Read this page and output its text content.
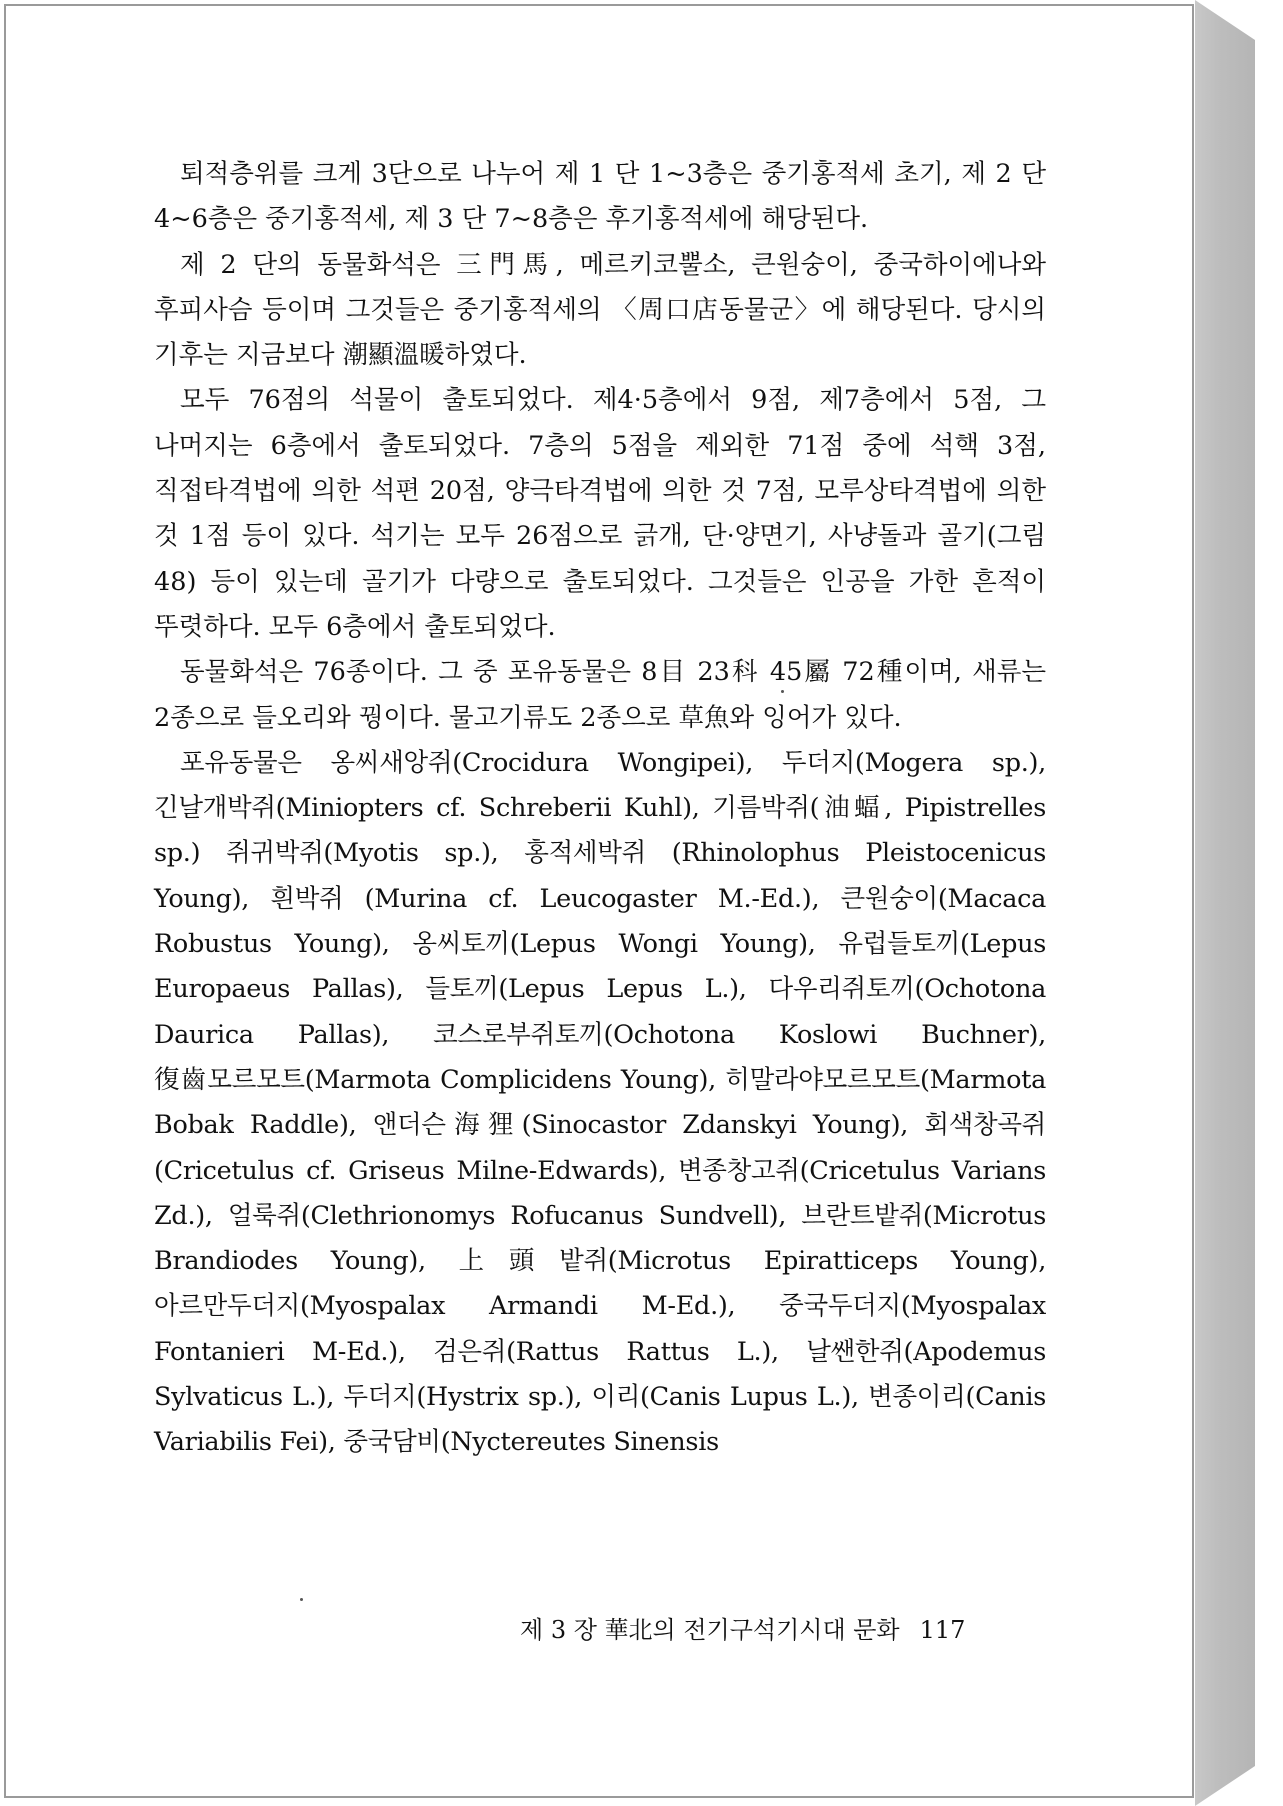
퇴적층위를 크게 3단으로 나누어 제 1 단 1~3층은 중기홍적세 초기, 제 2 단 4~6층은 중기홍적세, 제 3 단 7~8층은 후기홍적세에 해당된다.

제 2 단의 동물화석은 三門馬, 메르키코뿔소, 큰원숭이, 중국하이에나와 후피사슴 등이며 그것들은 중기홍적세의 〈周口店동물군〉에 해당된다. 당시의 기후는 지금보다 潮顯溫暖하였다.

모두 76점의 석물이 출토되었다. 제4·5층에서 9점, 제7층에서 5점, 그 나머지는 6층에서 출토되었다. 7층의 5점을 제외한 71점 중에 석핵 3점, 직접타격법에 의한 석편 20점, 양극타격법에 의한 것 7점, 모루상타격법에 의한 것 1점 등이 있다. 석기는 모두 26점으로 긁개, 단·양면기, 사냥돌과 골기(그림 48) 등이 있는데 골기가 다량으로 출토되었다. 그것들은 인공을 가한 흔적이 뚜렷하다. 모두 6층에서 출토되었다.

동물화석은 76종이다. 그 중 포유동물은 8目 23科 45屬 72種이며, 새류는 2종으로 들오리와 꿩이다. 물고기류도 2종으로 草魚와 잉어가 있다.

포유동물은 옹씨새앙쥐(Crocidura Wongipei), 두더지(Mogera sp.), 긴날개박쥐(Miniopters cf. Schreberii Kuhl), 기름박쥐(油蝠, Pipistrelles sp.) 쥐귀박쥐(Myotis sp.), 홍적세박쥐 (Rhinolophus Pleistocenicus Young), 흰박쥐 (Murina cf. Leucogaster M.-Ed.), 큰원숭이(Macaca Robustus Young), 옹씨토끼(Lepus Wongi Young), 유럽들토끼(Lepus Europaeus Pallas), 들토끼(Lepus Lepus L.), 다우리쥐토끼(Ochotona Daurica Pallas), 코스로부쥐토끼(Ochotona Koslowi Buchner), 復齒모르모트(Marmota Complicidens Young), 히말라야모르모트(Marmota Bobak Raddle), 앤더슨海狸(Sinocastor Zdanskyi Young), 회색창곡쥐(Cricetulus cf. Griseus Milne-Edwards), 변종창고쥐(Cricetulus Varians Zd.), 얼룩쥐(Clethrionomys Rofucanus Sundvell), 브란트밭쥐(Microtus Brandiodes Young), 上頭밭쥐(Microtus Epiratticeps Young), 아르만두더지(Myospalax Armandi M-Ed.), 중국두더지(Myospalax Fontanieri M-Ed.), 검은쥐(Rattus Rattus L.), 날쌘한쥐(Apodemus Sylvaticus L.), 두더지(Hystrix sp.), 이리(Canis Lupus L.), 변종이리(Canis Variabilis Fei), 중국담비(Nyctereutes Sinensis

제 3 장 華北의 전기구석기시대 문화 117
